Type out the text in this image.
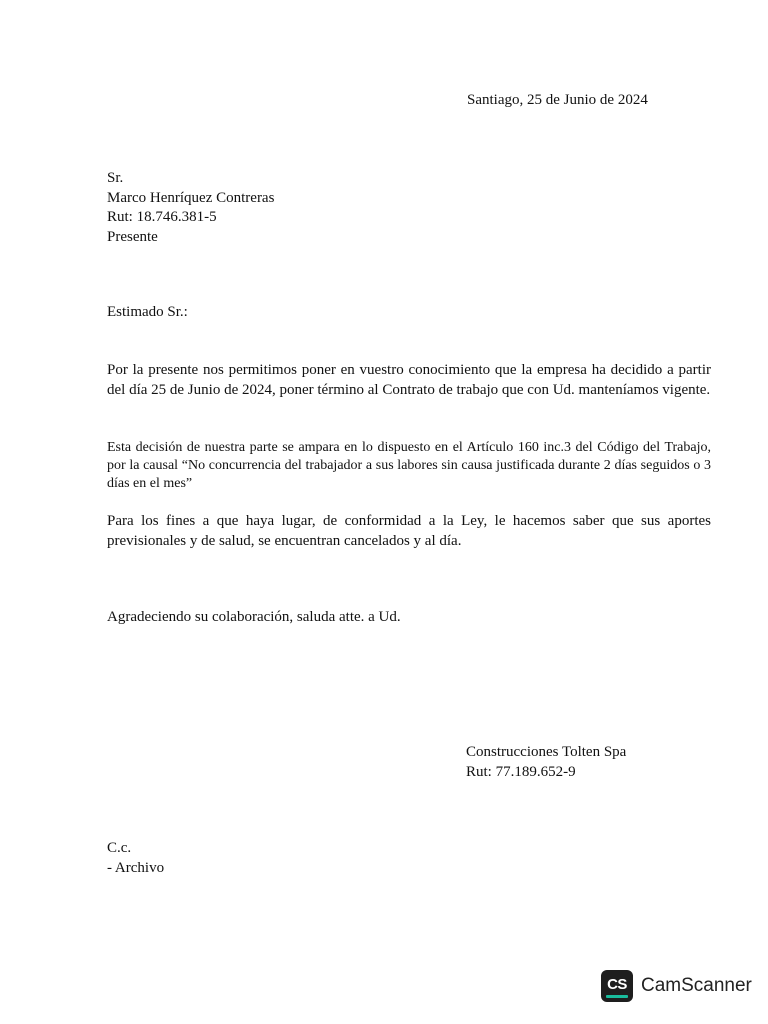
Santiago, 25 de Junio de 2024
Sr.
Marco Henríquez Contreras
Rut: 18.746.381-5
Presente
Estimado Sr.:
Por la presente nos permitimos poner en vuestro conocimiento que la empresa ha decidido a partir del día 25 de Junio de 2024, poner término al Contrato de trabajo que con Ud. manteníamos vigente.
Esta decisión de nuestra parte se ampara en lo dispuesto en el Artículo 160 inc.3 del Código del Trabajo, por la causal “No concurrencia del trabajador a sus labores sin causa justificada durante 2 días seguidos o 3 días en el mes”
Para los fines a que haya lugar, de conformidad a la Ley, le hacemos saber que sus aportes previsionales y de salud, se encuentran cancelados y al día.
Agradeciendo su colaboración, saluda atte. a Ud.
Construcciones Tolten Spa
Rut: 77.189.652-9
C.c.
- Archivo
CS CamScanner
